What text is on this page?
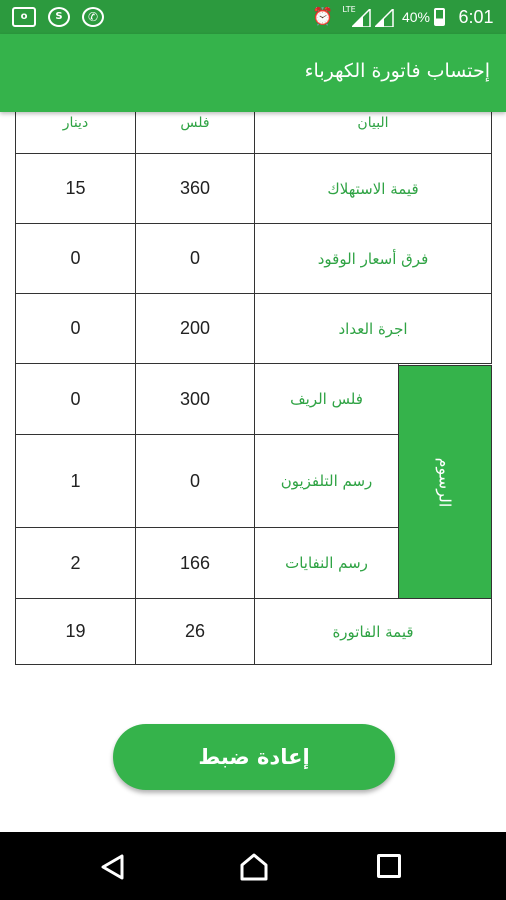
o	S	✆	⏰ LTE	40%	6:01
إحتساب فاتورة الكهرباء
دينار	فلس	البيان
15	360	قيمة الاستهلاك
0	0	فرق أسعار الوقود
0	200	اجرة العداد
0	300	فلس الريف
1	0	رسم التلفزيون
2	166	رسم النفايات
الرسوم
19	26	قيمة الفاتورة
إعادة ضبط
